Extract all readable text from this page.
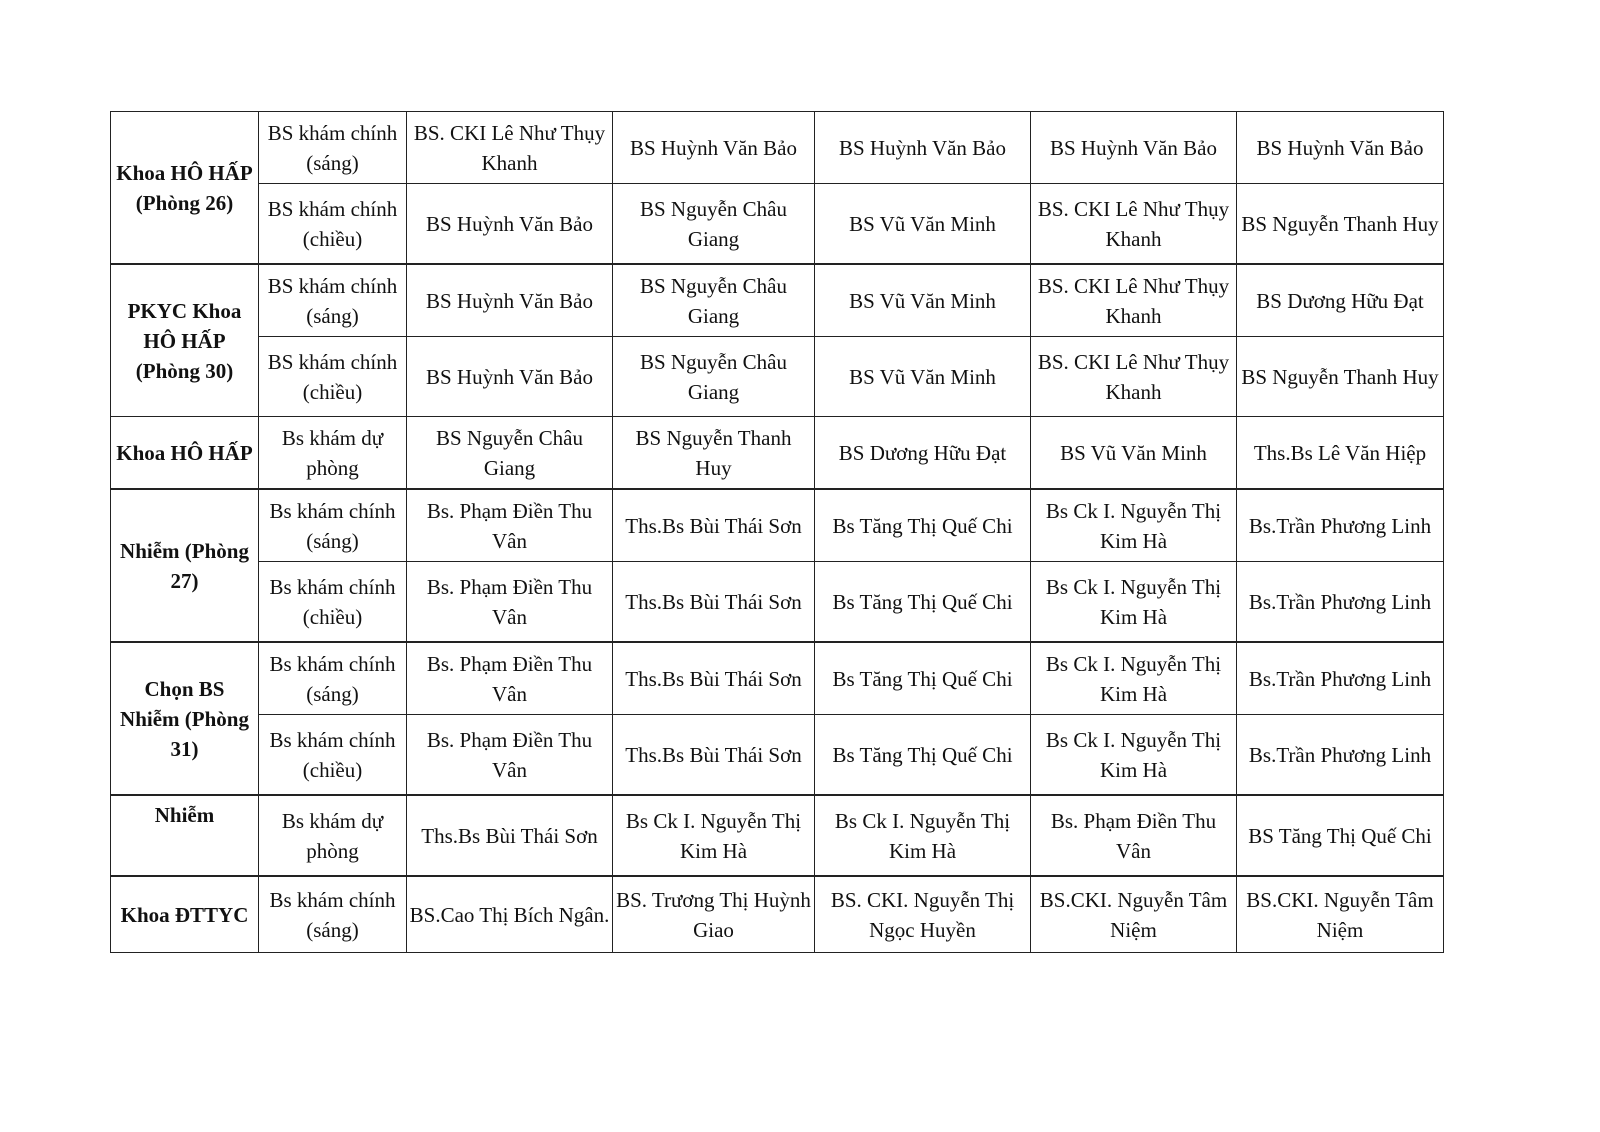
Khoa HÔ HẤP (Phòng 26)	BS khám chính (sáng)	BS. CKI Lê Như Thụy Khanh	BS Huỳnh Văn Bảo	BS Huỳnh Văn Bảo	BS Huỳnh Văn Bảo	BS Huỳnh Văn Bảo
	BS khám chính (chiều)	BS Huỳnh Văn Bảo	BS Nguyễn Châu Giang	BS Vũ Văn Minh	BS. CKI Lê Như Thụy Khanh	BS Nguyễn Thanh Huy
PKYC Khoa HÔ HẤP (Phòng 30)	BS khám chính (sáng)	BS Huỳnh Văn Bảo	BS Nguyễn Châu Giang	BS Vũ Văn Minh	BS. CKI Lê Như Thụy Khanh	BS Dương Hữu Đạt
	BS khám chính (chiều)	BS Huỳnh Văn Bảo	BS Nguyễn Châu Giang	BS Vũ Văn Minh	BS. CKI Lê Như Thụy Khanh	BS Nguyễn Thanh Huy
Khoa HÔ HẤP	Bs khám dự phòng	BS Nguyễn Châu Giang	BS Nguyễn Thanh Huy	BS Dương Hữu Đạt	BS Vũ Văn Minh	Ths.Bs Lê Văn Hiệp
Nhiễm (Phòng 27)	Bs khám chính (sáng)	Bs. Phạm Điền Thu Vân	Ths.Bs Bùi Thái Sơn	Bs Tăng Thị Quế Chi	Bs Ck I. Nguyễn Thị Kim Hà	Bs.Trần Phương Linh
	Bs khám chính (chiều)	Bs. Phạm Điền Thu Vân	Ths.Bs Bùi Thái Sơn	Bs Tăng Thị Quế Chi	Bs Ck I. Nguyễn Thị Kim Hà	Bs.Trần Phương Linh
Chọn BS Nhiễm (Phòng 31)	Bs khám chính (sáng)	Bs. Phạm Điền Thu Vân	Ths.Bs Bùi Thái Sơn	Bs Tăng Thị Quế Chi	Bs Ck I. Nguyễn Thị Kim Hà	Bs.Trần Phương Linh
	Bs khám chính (chiều)	Bs. Phạm Điền Thu Vân	Ths.Bs Bùi Thái Sơn	Bs Tăng Thị Quế Chi	Bs Ck I. Nguyễn Thị Kim Hà	Bs.Trần Phương Linh
Nhiễm	Bs khám dự phòng	Ths.Bs Bùi Thái Sơn	Bs Ck I. Nguyễn Thị Kim Hà	Bs Ck I. Nguyễn Thị Kim Hà	Bs. Phạm Điền Thu Vân	BS Tăng Thị Quế Chi
Khoa ĐTTYC	Bs khám chính (sáng)	BS.Cao Thị Bích Ngân.	BS. Trương Thị Huỳnh Giao	BS. CKI. Nguyễn Thị Ngọc Huyền	BS.CKI. Nguyễn Tâm Niệm	BS.CKI. Nguyễn Tâm Niệm
